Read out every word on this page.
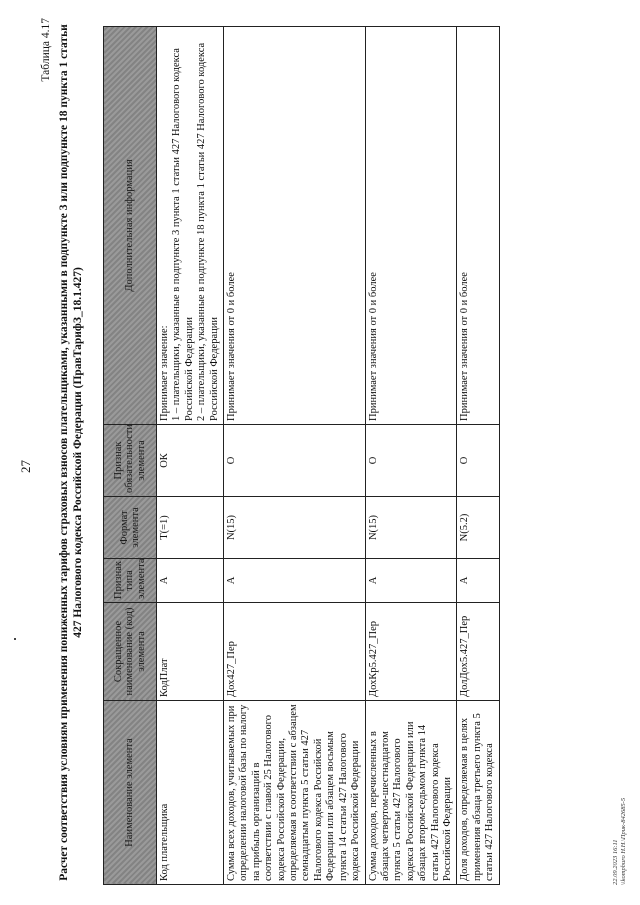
27
Таблица 4.17 Расчет соответствия условиям применения пониженных тарифов страховых взносов плательщиками, указанными в подпункте 3 или подпункте 18 пункта 1 статьи 427 Налогового кодекса Российской Федерации (ПравТарифЗ_18.1.427)
Наименование элемента	Сокращенное наименование (код) элемента	Признак типа элемента	Формат элемента	Признак обязательности элемента	Дополнительная информация
Код плательщика	КодПлат	А	T(=1)	ОК	Принимает значение: 1 – плательщики, указанные в подпункте 3 пункта 1 статьи 427 Налогового кодекса Российской Федерации 2 – плательщики, указанные в подпункте 18 пункта 1 статьи 427 Налогового кодекса Российской Федерации

Сумма всех доходов, учитываемых при определении налоговой базы по налогу на прибыль организаций в соответствии с главой 25 Налогового кодекса Российской Федерации, определяемая в соответствии с абзацем семнадцатым пункта 5 статьи 427 Налогового кодекса Российской Федерации или абзацем восьмым пункта 14 статьи 427 Налогового кодекса Российской Федерации	Дох427_Пер	А	N(15)	О	Принимает значения от 0 и более

Сумма доходов, перечисленных в абзацах четвертом-шестнадцатом пункта 5 статьи 427 Налогового кодекса Российской Федерации или абзацах втором-седьмом пункта 14 статьи 427 Налогового кодекса Российской Федерации	ДохКр5.427_Пер	А	N(15)	О	Принимает значения от 0 и более

Доля доходов, определяемая в целях применения абзаца третьего пункта 5 статьи 427 Налогового кодекса	ДолДох5.427_Пер	А	N(5.2)	О	Принимает значения от 0 и более
22.09.2023 16:11 \\kompburo Н.Н.\Прик-842685-5
